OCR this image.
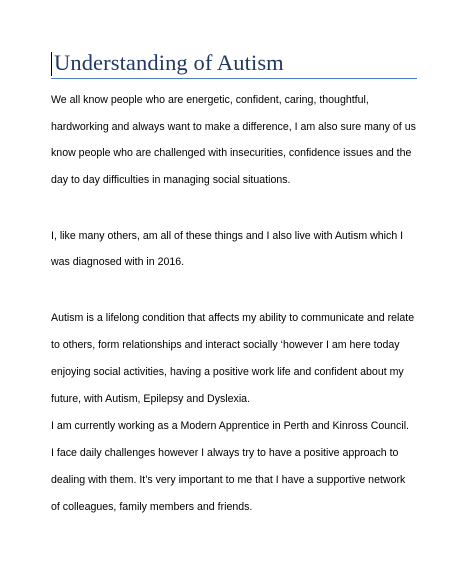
Understanding of Autism
We all know people who are energetic, confident, caring, thoughtful,
hardworking and always want to make a difference, I am also sure many of us
know people who are challenged with insecurities, confidence issues and the
day to day difficulties in managing social situations.
I, like many others, am all of these things and I also live with Autism which I
was diagnosed with in 2016.
Autism is a lifelong condition that affects my ability to communicate and relate
to others, form relationships and interact socially ‘however I am here today
enjoying social activities, having a positive work life and confident about my
future, with Autism, Epilepsy and Dyslexia.
I am currently working as a Modern Apprentice in Perth and Kinross Council.
I face daily challenges however I always try to have a positive approach to
dealing with them. It’s very important to me that I have a supportive network
of colleagues, family members and friends.
